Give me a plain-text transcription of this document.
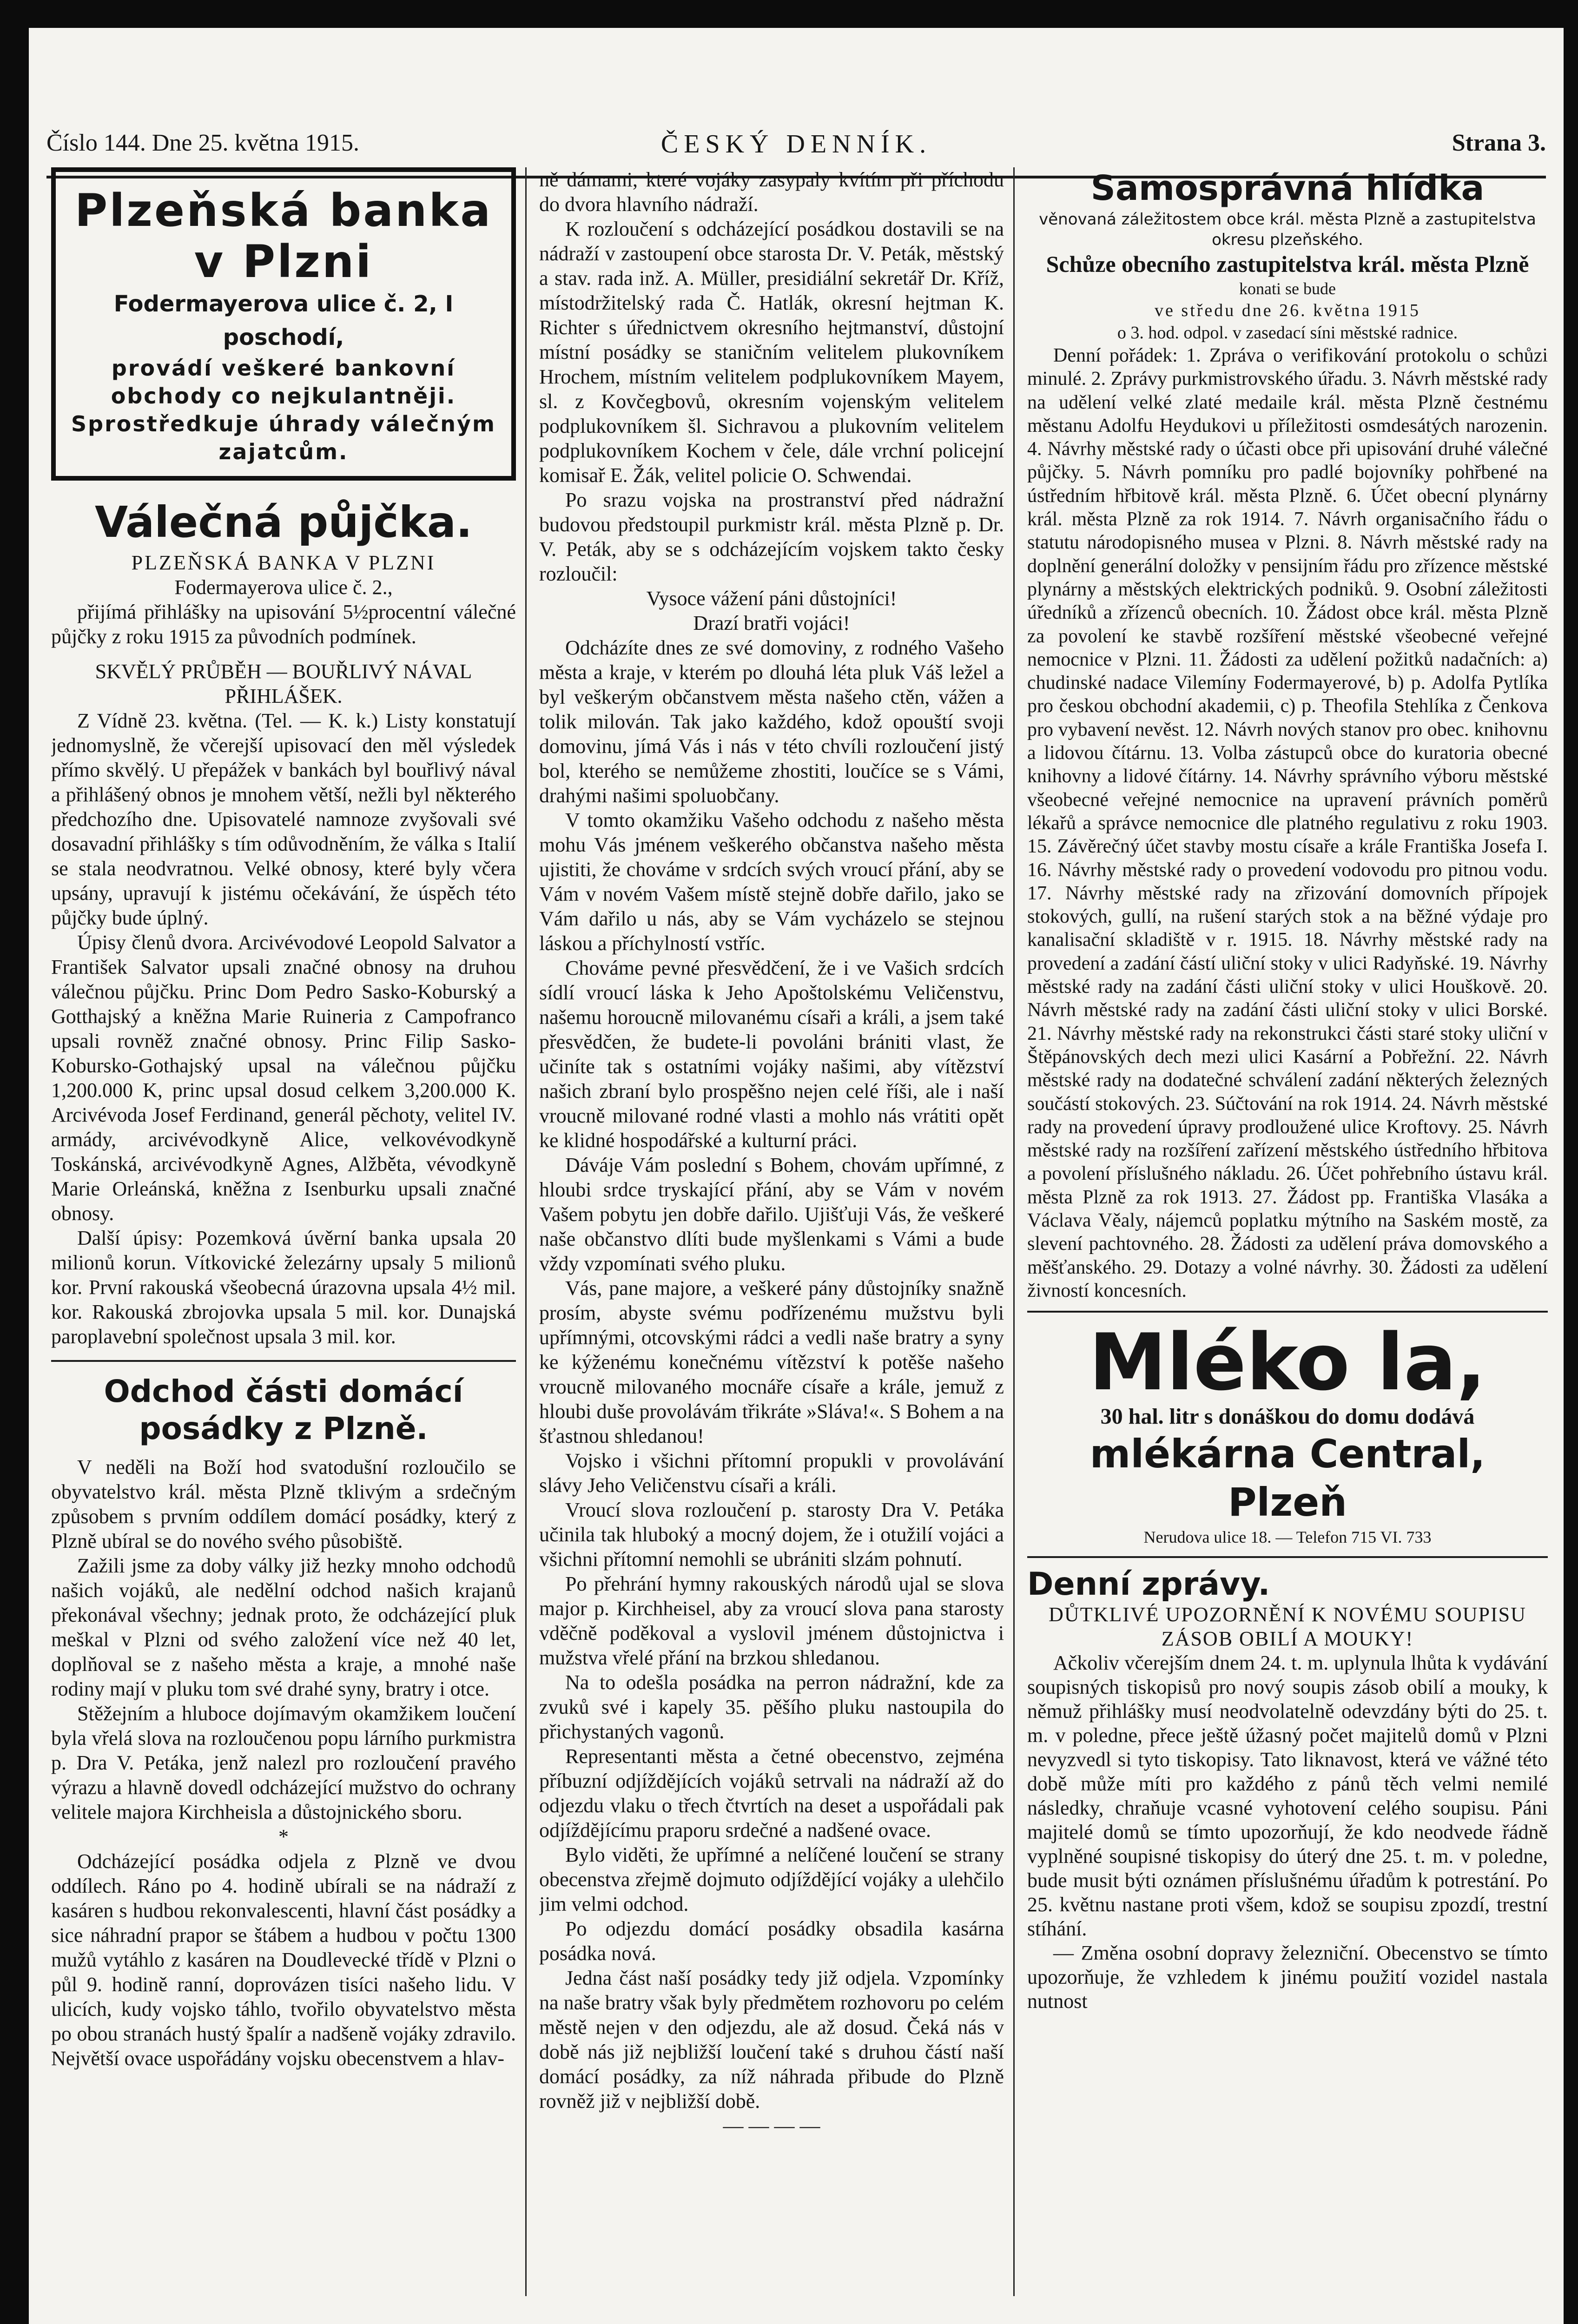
Číslo 144. Dne 25. května 1915.	ČESKÝ DENNÍK.	Strana 3.
Plzeňská banka
v Plzni
Fodermayerova ulice č. 2, I poschodí,
provádí veškeré bankovní obchody co nejkulantněji.
Sprostředkuje úhrady válečným zajatcům.

Válečná půjčka.

PLZEŇSKÁ BANKA V PLZNI

Fodermayerova ulice č. 2.,

přijímá přihlášky na upisování 5½procentní válečné půjčky z roku 1915 za původních podmínek.

SKVĚLÝ PRŮBĚH — BOUŘLIVÝ NÁVAL PŘIHLÁŠEK.

Z Vídně 23. května. (Tel. — K. k.) Listy konstatují jednomyslně, že včerejší upisovací den měl výsledek přímo skvělý. U přepážek v bankách byl bouřlivý nával a přihlášený obnos je mnohem větší, nežli byl některého předchozího dne. Upisovatelé namnoze zvyšovali své dosavadní přihlášky s tím odůvodněním, že válka s Italií se stala neodvratnou. Velké obnosy, které byly včera upsány, upravují k jistému očekávání, že úspěch této půjčky bude úplný.

Úpisy členů dvora. Arcivévodové Leopold Salvator a František Salvator upsali značné obnosy na druhou válečnou půjčku. Princ Dom Pedro Sasko-Koburský a Gotthajský a kněžna Marie Ruineria z Campofranco upsali rovněž značné obnosy. Princ Filip Sasko-Kobursko-Gothajský upsal na válečnou půjčku 1,200.000 K, princ upsal dosud celkem 3,200.000 K. Arcivévoda Josef Ferdinand, generál pěchoty, velitel IV. armády, arcivévodkyně Alice, velkovévodkyně Toskánská, arcivévodkyně Agnes, Alžběta, vévodkyně Marie Orleánská, kněžna z Isenburku upsali značné obnosy.

Další úpisy: Pozemková úvěrní banka upsala 20 milionů korun. Vítkovické železárny upsaly 5 milionů kor. První rakouská všeobecná úrazovna upsala 4½ mil. kor. Rakouská zbrojovka upsala 5 mil. kor. Dunajská paroplavební společnost upsala 3 mil. kor.

Odchod části domácí posádky z Plzně.

V neděli na Boží hod svatodušní rozloučilo se obyvatelstvo král. města Plzně tklivým a srdečným způsobem s prvním oddílem domácí posádky, který z Plzně ubíral se do nového svého působiště.

Zažili jsme za doby války již hezky mnoho odchodů našich vojáků, ale nedělní odchod našich krajanů překonával všechny; jednak proto, že odcházející pluk meškal v Plzni od svého založení více než 40 let, doplňoval se z našeho města a kraje, a mnohé naše rodiny mají v pluku tom své drahé syny, bratry i otce.

Stěžejním a hluboce dojímavým okamžikem loučení byla vřelá slova na rozloučenou popu lárního purkmistra p. Dra V. Petáka, jenž nalezl pro rozloučení pravého výrazu a hlavně dovedl odcházející mužstvo do ochrany velitele majora Kirchheisla a důstojnického sboru.

*

Odcházející posádka odjela z Plzně ve dvou oddílech. Ráno po 4. hodině ubírali se na nádraží z kasáren s hudbou rekonvalescenti, hlavní část posádky a sice náhradní prapor se štábem a hudbou v počtu 1300 mužů vytáhlo z kasáren na Doudlevecké třídě v Plzni o půl 9. hodině ranní, doprovázen tisíci našeho lidu. V ulicích, kudy vojsko táhlo, tvořilo obyvatelstvo města po obou stranách hustý špalír a nadšeně vojáky zdravilo. Největší ovace uspořádány vojsku obecenstvem a hlav-

ně dámami, které vojáky zasypaly kvítím při příchodu do dvora hlavního nádraží.

K rozloučení s odcházející posádkou dostavili se na nádraží v zastoupení obce starosta Dr. V. Peták, městský a stav. rada inž. A. Müller, presidiální sekretář Dr. Kříž, místodržitelský rada Č. Hatlák, okresní hejtman K. Richter s úřednictvem okresního hejtmanství, důstojní místní posádky se staničním velitelem plukovníkem Hrochem, místním velitelem podplukovníkem Mayem, sl. z Kovčegbovů, okresním vojenským velitelem podplukovníkem šl. Sichravou a plukovním velitelem podplukovníkem Kochem v čele, dále vrchní policejní komisař E. Žák, velitel policie O. Schwendai.

Po srazu vojska na prostranství před nádražní budovou předstoupil purkmistr král. města Plzně p. Dr. V. Peták, aby se s odcházejícím vojskem takto česky rozloučil:

Vysoce vážení páni důstojníci!

Drazí bratři vojáci!

Odcházíte dnes ze své domoviny, z rodného Vašeho města a kraje, v kterém po dlouhá léta pluk Váš ležel a byl veškerým občanstvem města našeho ctěn, vážen a tolik milován. Tak jako každého, kdož opouští svoji domovinu, jímá Vás i nás v této chvíli rozloučení jistý bol, kterého se nemůžeme zhostiti, loučíce se s Vámi, drahými našimi spoluobčany.

V tomto okamžiku Vašeho odchodu z našeho města mohu Vás jménem veškerého občanstva našeho města ujistiti, že chováme v srdcích svých vroucí přání, aby se Vám v novém Vašem místě stejně dobře dařilo, jako se Vám dařilo u nás, aby se Vám vycházelo se stejnou láskou a příchylností vstříc.

Chováme pevné přesvědčení, že i ve Vašich srdcích sídlí vroucí láska k Jeho Apoštolskému Veličenstvu, našemu horoucně milovanému císaři a králi, a jsem také přesvědčen, že budete-li povoláni brániti vlast, že učiníte tak s ostatními vojáky našimi, aby vítězství našich zbraní bylo prospěšno nejen celé říši, ale i naší vroucně milované rodné vlasti a mohlo nás vrátiti opět ke klidné hospodářské a kulturní práci.

Dáváje Vám poslední s Bohem, chovám upřímné, z hloubi srdce tryskající přání, aby se Vám v novém Vašem pobytu jen dobře dařilo. Ujišťuji Vás, že veškeré naše občanstvo dlíti bude myšlenkami s Vámi a bude vždy vzpomínati svého pluku.

Vás, pane majore, a veškeré pány důstojníky snažně prosím, abyste svému podřízenému mužstvu byli upřímnými, otcovskými rádci a vedli naše bratry a syny ke kýženému konečnému vítězství k potěše našeho vroucně milovaného mocnáře císaře a krále, jemuž z hloubi duše provolávám třikráte »Sláva!«. S Bohem a na šťastnou shledanou!

Vojsko i všichni přítomní propukli v provolávání slávy Jeho Veličenstvu císaři a králi.

Vroucí slova rozloučení p. starosty Dra V. Petáka učinila tak hluboký a mocný dojem, že i otužilí vojáci a všichni přítomní nemohli se ubrániti slzám pohnutí.

Po přehrání hymny rakouských národů ujal se slova major p. Kirchheisel, aby za vroucí slova pana starosty vděčně poděkoval a vyslovil jménem důstojnictva i mužstva vřelé přání na brzkou shledanou.

Na to odešla posádka na perron nádražní, kde za zvuků své i kapely 35. pěšího pluku nastoupila do přichystaných vagonů.

Representanti města a četné obecenstvo, zejména příbuzní odjíždějících vojáků setrvali na nádraží až do odjezdu vlaku o třech čtvrtích na deset a uspořádali pak odjíždějícímu praporu srdečné a nadšené ovace.

Bylo viděti, že upřímné a nelíčené loučení se strany obecenstva zřejmě dojmuto odjíždějící vojáky a ulehčilo jim velmi odchod.

Po odjezdu domácí posádky obsadila kasárna posádka nová.

Jedna část naší posádky tedy již odjela. Vzpomínky na naše bratry však byly předmětem rozhovoru po celém městě nejen v den odjezdu, ale až dosud. Čeká nás v době nás již nejbližší loučení také s druhou částí naší domácí posádky, za níž náhrada přibude do Plzně rovněž již v nejbližší době.

— — — —

Samosprávná hlídka

věnovaná záležitostem obce král. města Plzně a zastupitelstva okresu plzeňského.

Schůze obecního zastupitelstva král. města Plzně

konati se bude

ve středu dne 26. května 1915

o 3. hod. odpol. v zasedací síni městské radnice.

Denní pořádek: 1. Zpráva o verifikování protokolu o schůzi minulé. 2. Zprávy purkmistrovského úřadu. 3. Návrh městské rady na udělení velké zlaté medaile král. města Plzně čestnému městanu Adolfu Heydukovi u příležitosti osmdesátých narozenin. 4. Návrhy městské rady o účasti obce při upisování druhé válečné půjčky. 5. Návrh pomníku pro padlé bojovníky pohřbené na ústředním hřbitově král. města Plzně. 6. Účet obecní plynárny král. města Plzně za rok 1914. 7. Návrh organisačního řádu o statutu národopisného musea v Plzni. 8. Návrh městské rady na doplnění generální doložky v pensijním řádu pro zřízence městské plynárny a městských elektrických podniků. 9. Osobní záležitosti úředníků a zřízenců obecních. 10. Žádost obce král. města Plzně za povolení ke stavbě rozšíření městské všeobecné veřejné nemocnice v Plzni. 11. Žádosti za udělení požitků nadačních: a) chudinské nadace Vilemíny Fodermayerové, b) p. Adolfa Pytlíka pro českou obchodní akademii, c) p. Theofila Stehlíka z Čenkova pro vybavení nevěst. 12. Návrh nových stanov pro obec. knihovnu a lidovou čítárnu. 13. Volba zástupců obce do kuratoria obecné knihovny a lidové čítárny. 14. Návrhy správního výboru městské všeobecné veřejné nemocnice na upravení právních poměrů lékařů a správce nemocnice dle platného regulativu z roku 1903. 15. Závěrečný účet stavby mostu císaře a krále Františka Josefa I. 16. Návrhy městské rady o provedení vodovodu pro pitnou vodu. 17. Návrhy městské rady na zřizování domovních přípojek stokových, gullí, na rušení starých stok a na běžné výdaje pro kanalisační skladiště v r. 1915. 18. Návrhy městské rady na provedení a zadání částí uliční stoky v ulici Radyňské. 19. Návrhy městské rady na zadání části uliční stoky v ulici Houškově. 20. Návrh městské rady na zadání části uliční stoky v ulici Borské. 21. Návrhy městské rady na rekonstrukci části staré stoky uliční v Štěpánovských dech mezi ulici Kasární a Pobřežní. 22. Návrh městské rady na dodatečné schválení zadání některých železných součástí stokových. 23. Súčtování na rok 1914. 24. Návrh městské rady na provedení úpravy prodloužené ulice Kroftovy. 25. Návrh městské rady na rozšíření zařízení městského ústředního hřbitova a povolení příslušného nákladu. 26. Účet pohřebního ústavu král. města Plzně za rok 1913. 27. Žádost pp. Františka Vlasáka a Václava Věaly, nájemců poplatku mýtního na Saském mostě, za slevení pachtovného. 28. Žádosti za udělení práva domovského a měšťanského. 29. Dotazy a volné návrhy. 30. Žádosti za udělení živností koncesních.

Mléko la,
30 hal. litr s donáškou do domu dodává
mlékárna Central, Plzeň
Nerudova ulice 18. — Telefon 715 VI. 733

Denní zprávy.

DŮTKLIVÉ UPOZORNĚNÍ K NOVÉMU SOUPISU ZÁSOB OBILÍ A MOUKY!

Ačkoliv včerejším dnem 24. t. m. uplynula lhůta k vydávání soupisných tiskopisů pro nový soupis zásob obilí a mouky, k němuž přihlášky musí neodvolatelně odevzdány býti do 25. t. m. v poledne, přece ještě úžasný počet majitelů domů v Plzni nevyzvedl si tyto tiskopisy. Tato liknavost, která ve vážné této době může míti pro každého z pánů těch velmi nemilé následky, chraňuje vcasné vyhotovení celého soupisu. Páni majitelé domů se tímto upozorňují, že kdo neodvede řádně vyplněné soupisné tiskopisy do úterý dne 25. t. m. v poledne, bude musit býti oznámen příslušnému úřadům k potrestání. Po 25. květnu nastane proti všem, kdož se soupisu zpozdí, trestní stíhání.

— Změna osobní dopravy železniční. Obecenstvo se tímto upozorňuje, že vzhledem k jinému použití vozidel nastala nutnost
